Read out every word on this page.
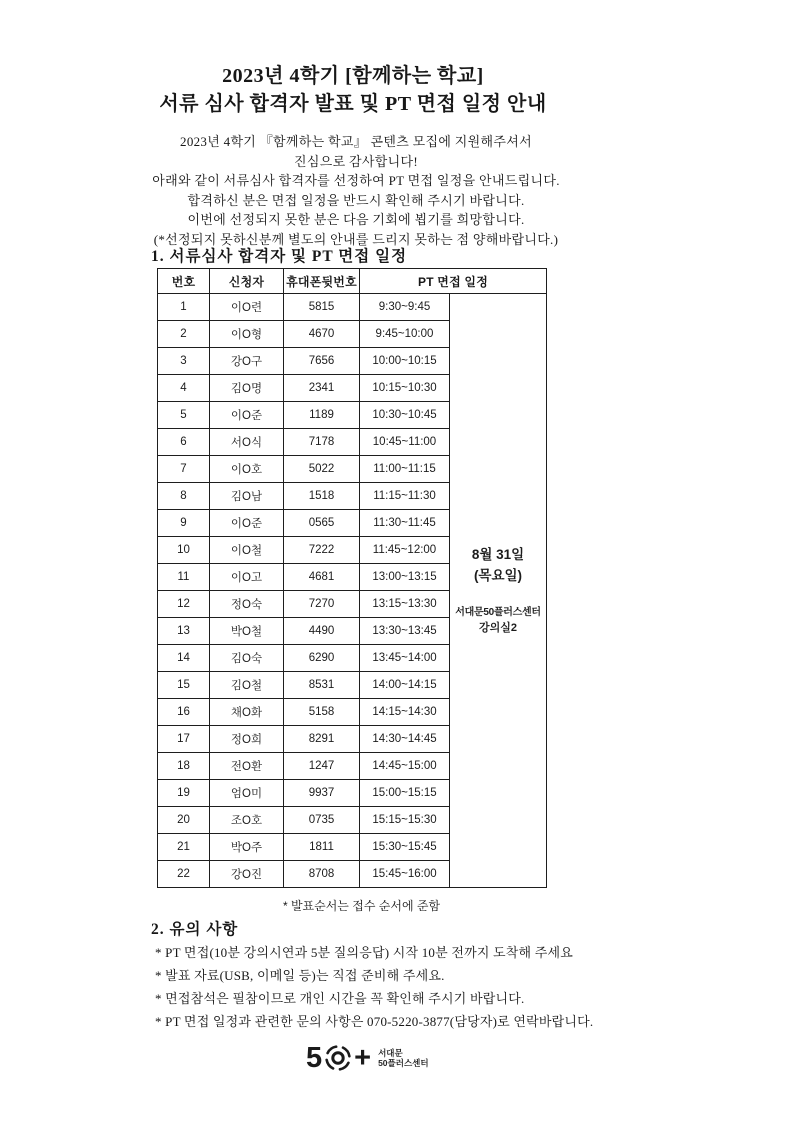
2023년 4학기 [함께하는 학교]
서류 심사 합격자 발표 및 PT 면접 일정 안내
2023년 4학기 『함께하는 학교』 콘텐츠 모집에 지원해주셔서
진심으로 감사합니다!
아래와 같이 서류심사 합격자를 선정하여 PT 면접 일정을 안내드립니다.
합격하신 분은 면접 일정을 반드시 확인해 주시기 바랍니다.
이번에 선정되지 못한 분은 다음 기회에 뵙기를 희망합니다.
(*선정되지 못하신분께 별도의 안내를 드리지 못하는 점 양해바랍니다.)
1. 서류심사 합격자 및 PT 면접 일정
번호	신청자	휴대폰뒷번호	PT 면접 일정	
1	이O련	5815	9:30~9:45	8월 31일
(목요일)
서대문50플러스센터
강의실2

2	이O형	4670	9:45~10:00	
3	강O구	7656	10:00~10:15	
4	김O명	2341	10:15~10:30	
5	이O준	1189	10:30~10:45	
6	서O식	7178	10:45~11:00	
7	이O호	5022	11:00~11:15	
8	김O남	1518	11:15~11:30	
9	이O준	0565	11:30~11:45	
10	이O철	7222	11:45~12:00	
11	이O고	4681	13:00~13:15	
12	정O숙	7270	13:15~13:30	
13	박O철	4490	13:30~13:45	
14	김O숙	6290	13:45~14:00	
15	김O철	8531	14:00~14:15	
16	채O화	5158	14:15~14:30	
17	정O희	8291	14:30~14:45	
18	전O환	1247	14:45~15:00	
19	엄O미	9937	15:00~15:15	
20	조O호	0735	15:15~15:30	
21	박O주	1811	15:30~15:45	
22	강O진	8708	15:45~16:00	
* 발표순서는 접수 순서에 준함
2. 유의 사항
* PT 면접(10분 강의시연과 5분 질의응답) 시작 10분 전까지 도착해 주세요
* 발표 자료(USB, 이메일 등)는 직접 준비해 주세요.
* 면접참석은 필참이므로 개인 시간을 꼭 확인해 주시기 바랍니다.
* PT 면접 일정과 관련한 문의 사항은 070-5220-3877(담당자)로 연락바랍니다.
5 + 서대문
50플러스센터
